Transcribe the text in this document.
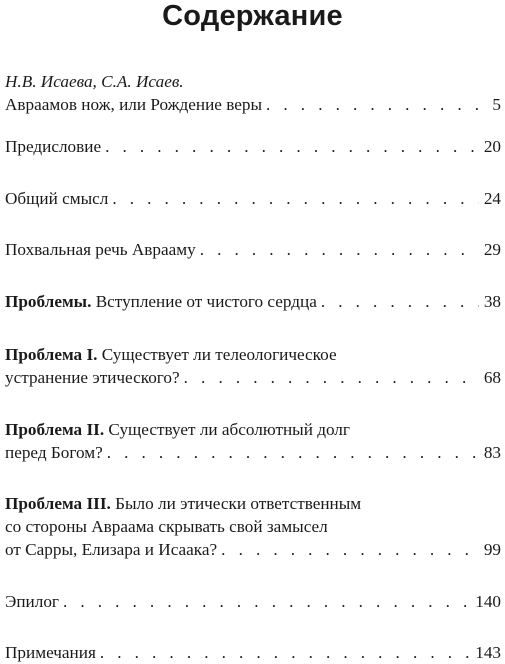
Содержание
Н.В. Исаева, С.А. Исаев.
Авраамов нож, или Рождение веры . . .	5
Предисловие . . .	20
Общий смысл . . .	24
Похвальная речь Аврааму . . .	29
Проблемы. Вступление от чистого сердца . . .	38
Проблема I. Существует ли телеологическое
устранение этического? . . .	68
Проблема II. Существует ли абсолютный долг
перед Богом? . . .	83
Проблема III. Было ли этически ответственным
со стороны Авраама скрывать свой замысел
от Сарры, Елизара и Исаака? . . .	99
Эпилог . . .	140
Примечания . . .	143
